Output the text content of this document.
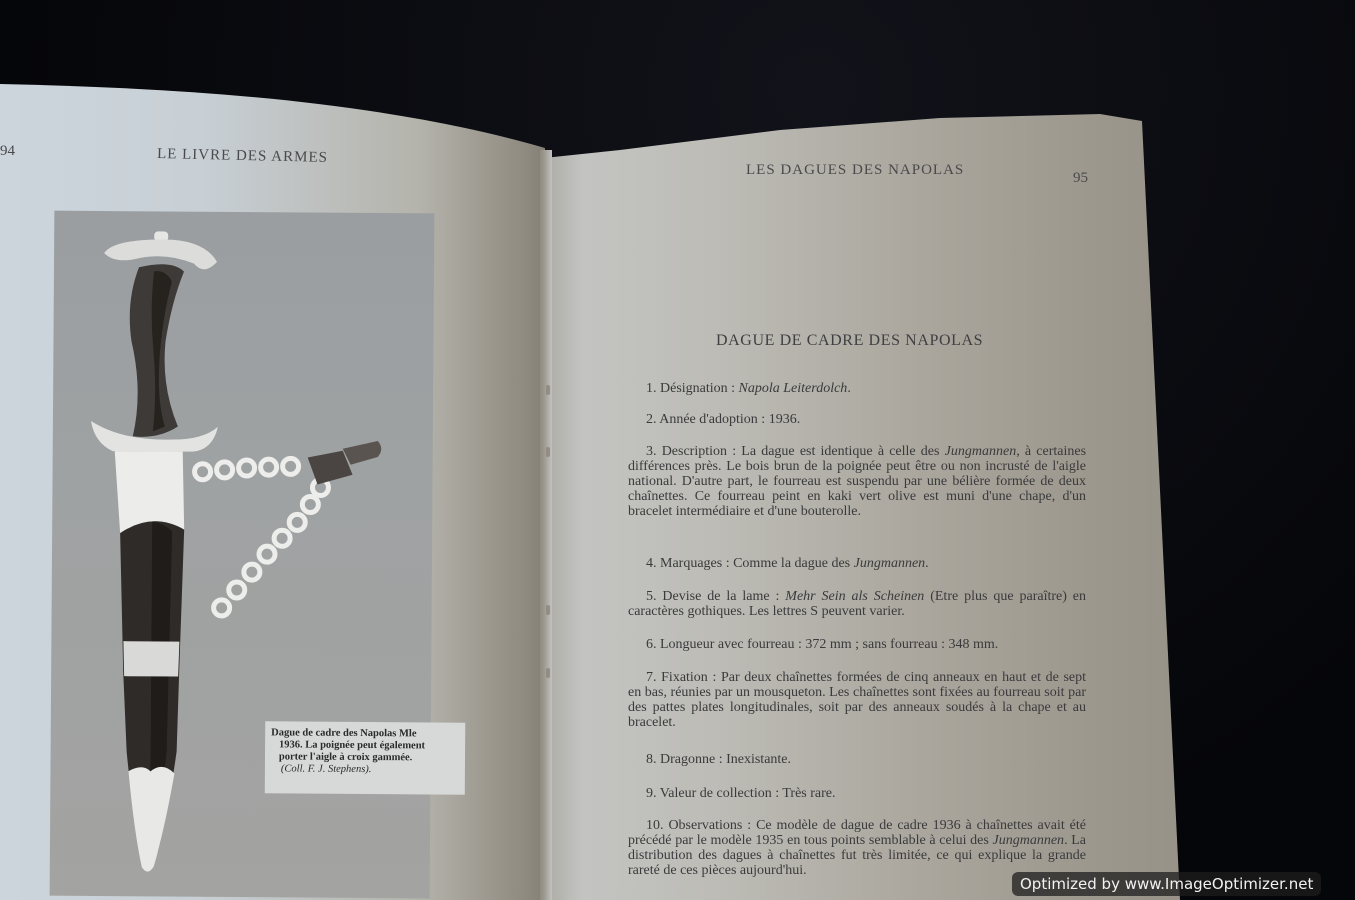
94	LE LIVRE DES ARMES
Dague de cadre des Napolas Mle
1936. La poignée peut également
porter l'aigle à croix gammée.
(Coll. F. J. Stephens).
LES DAGUES DES NAPOLAS	95
DAGUE DE CADRE DES NAPOLAS
1. Désignation : Napola Leiterdolch.
2. Année d'adoption : 1936.
3. Description : La dague est identique à celle des Jungmannen, à certaines différences près. Le bois brun de la poignée peut être ou non incrusté de l'aigle national. D'autre part, le fourreau est suspendu par une bélière formée de deux chaînettes. Ce fourreau peint en kaki vert olive est muni d'une chape, d'un bracelet intermédiaire et d'une bouterolle.
4. Marquages : Comme la dague des Jungmannen.
5. Devise de la lame : Mehr Sein als Scheinen (Etre plus que paraître) en caractères gothiques. Les lettres S peuvent varier.
6. Longueur avec fourreau : 372 mm ; sans fourreau : 348 mm.
7. Fixation : Par deux chaînettes formées de cinq anneaux en haut et de sept en bas, réunies par un mousqueton. Les chaînettes sont fixées au fourreau soit par des pattes plates longitudinales, soit par des anneaux soudés à la chape et au bracelet.
8. Dragonne : Inexistante.
9. Valeur de collection : Très rare.
10. Observations : Ce modèle de dague de cadre 1936 à chaînettes avait été précédé par le modèle 1935 en tous points semblable à celui des Jungmannen. La distribution des dagues à chaînettes fut très limitée, ce qui explique la grande rareté de ces pièces aujourd'hui.
Optimized by www.ImageOptimizer.net
